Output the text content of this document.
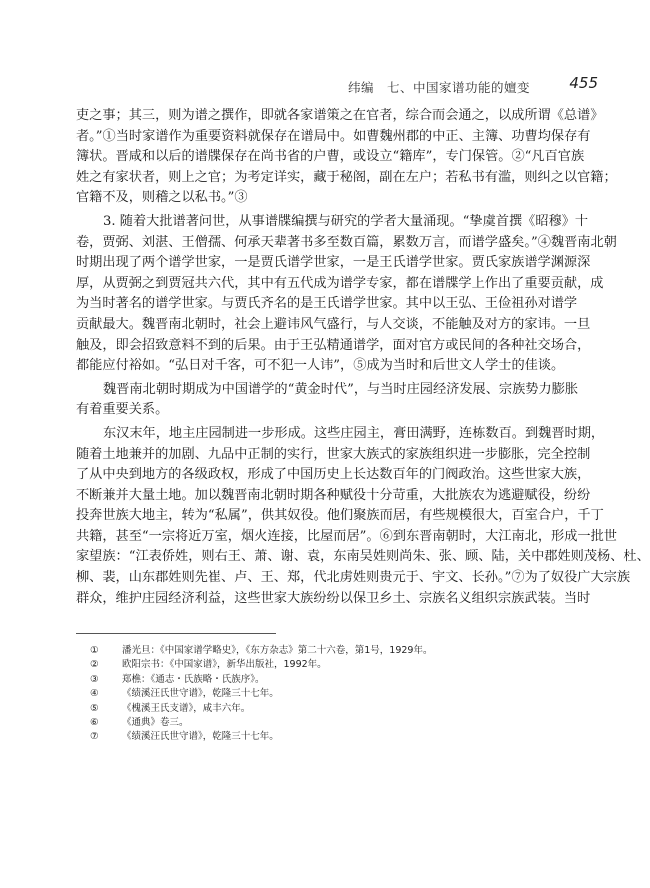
纬编　七、中国家谱功能的嬗变	455
吏之事；其三，则为谱之撰作，即就各家谱策之在官者，综合而会通之，以成所谓《总谱》
者。”①当时家谱作为重要资料就保存在谱局中。如曹魏州郡的中正、主簿、功曹均保存有
簿状。晋咸和以后的谱牒保存在尚书省的户曹，或设立“籍库”，专门保管。②“凡百官族
姓之有家状者，则上之官；为考定详实，藏于秘阁，副在左户；若私书有滥，则纠之以官籍；
官籍不及，则稽之以私书。”③
3. 随着大批谱著问世，从事谱牒编撰与研究的学者大量涌现。“挚虞首撰《昭穆》十
卷，贾弼、刘湛、王僧孺、何承天辈著书多至数百篇，累数万言，而谱学盛矣。”④魏晋南北朝
时期出现了两个谱学世家，一是贾氏谱学世家，一是王氏谱学世家。贾氏家族谱学渊源深
厚，从贾弼之到贾冠共六代，其中有五代成为谱学专家，都在谱牒学上作出了重要贡献，成
为当时著名的谱学世家。与贾氏齐名的是王氏谱学世家。其中以王弘、王俭祖孙对谱学
贡献最大。魏晋南北朝时，社会上避讳风气盛行，与人交谈，不能触及对方的家讳。一旦
触及，即会招致意料不到的后果。由于王弘精通谱学，面对官方或民间的各种社交场合，
都能应付裕如。“弘日对千客，可不犯一人讳”，⑤成为当时和后世文人学士的佳谈。
魏晋南北朝时期成为中国谱学的“黄金时代”，与当时庄园经济发展、宗族势力膨胀
有着重要关系。
东汉末年，地主庄园制进一步形成。这些庄园主，膏田满野，连栋数百。到魏晋时期，
随着土地兼并的加剧、九品中正制的实行，世家大族式的家族组织进一步膨胀，完全控制
了从中央到地方的各级政权，形成了中国历史上长达数百年的门阀政治。这些世家大族，
不断兼并大量土地。加以魏晋南北朝时期各种赋役十分苛重，大批族农为逃避赋役，纷纷
投奔世族大地主，转为“私属”，供其奴役。他们聚族而居，有些规模很大，百室合户，千丁
共籍，甚至“一宗将近万室，烟火连接，比屋而居”。⑥到东晋南朝时，大江南北，形成一批世
家望族：“江表侨姓，则右王、萧、谢、袁，东南吴姓则尚朱、张、顾、陆，关中郡姓则茂杨、杜、
柳、裴，山东郡姓则先崔、卢、王、郑，代北虏姓则贵元于、宇文、长孙。”⑦为了奴役广大宗族
群众，维护庄园经济利益，这些世家大族纷纷以保卫乡土、宗族名义组织宗族武装。当时
① 潘光旦：《中国家谱学略史》，《东方杂志》第二十六卷，第1号，1929年。
② 欧阳宗书：《中国家谱》，新华出版社，1992年。
③ 郑樵：《通志・氏族略・氏族序》。
④ 《绩溪汪氏世守谱》，乾隆三十七年。
⑤ 《槐溪王氏支谱》，咸丰六年。
⑥ 《通典》卷三。
⑦ 《绩溪汪氏世守谱》，乾隆三十七年。
